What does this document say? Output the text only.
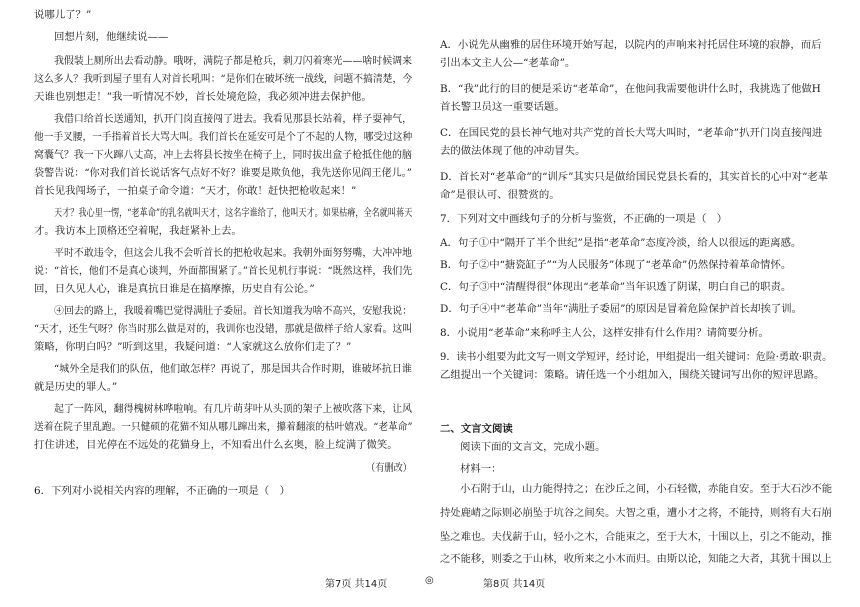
说哪儿了？”
回想片刻，他继续说——
我假装上厕所出去看动静。哦呀，满院子都是枪兵，刺刀闪着寒光——啥时候调来
这么多人？我听到屋子里有人对首长吼叫：“是你们在破坏统一战线，问题不搞清楚，今
天谁也别想走！”我一听情况不妙，首长处境危险，我必须冲进去保护他。
我借口给首长送通知，扒开门岗直接闯了进去。我看见那县长站着，样子耍神气，
他一手叉腰，一手指着首长大骂大叫。我们首长在延安可是个了不起的人物，哪受过这种
窝囊气？我一下火蹿八丈高，冲上去将县长按坐在椅子上，同时拔出盒子枪抵住他的脑
袋警告说：“你对我们首长说话客气点好不好？谁要是欺负他，我先送你见阎王佬儿。”
首长见我闯场子，一拍桌子命令道：“天才，你敢！赶快把枪收起来！”
天才？我心里一愣，“老革命”的乳名就叫天才，这名字谁给了，他叫天才。如果枯瘠，全名就叫蒋天
才。我访本上顶格还空着呢，我赶紧补上去。
平时不敢违令，但这会儿我不会听首长的把枪收起来。我朝外面努努嘴，大冲冲地
说：“首长，他们不是真心谈判，外面都围紧了。”首长见机行事说：“既然这样，我们先
回，日久见人心，谁是真抗日谁是在搞摩擦，历史自有公论。”
④回去的路上，我暖着嘴巴觉得满肚子委屈。首长知道我为啥不高兴，安慰我说：
“天才，还生气呀？你当时那么做是对的，我训你也没错，那就是做样子给人家看。这叫
策略，你明白吗？”听到这里，我疑问道：“人家就这么放你们走了？”
“城外全是我们的队伍，他们敢怎样？再说了，那是国共合作时期，谁破坏抗日谁
就是历史的罪人。”
起了一阵风，翻得槐树林哗啦响。有几片萌芽叶从头顶的架子上被吹落下来，让风
送着在院子里乱跑。一只健硕的花猫不知从哪儿蹿出来，攥着翻滚的枯叶嬉戏。“老革命”
打住讲述，目光停在不远处的花猫身上，不知看出什么玄奥，脸上绽满了微笑。
（有删改）
6．下列对小说相关内容的理解，不正确的一项是（　）
A．小说先从幽雅的居住环境开始写起，以院内的声响来衬托居住环境的寂静，而后
引出本文主人公—“老革命”。
B．“我”此行的目的便是采访“老革命”，在他问我需要他讲什么时，我挑选了他做H
首长警卫员这一重要话题。
C．在国民党的县长神气地对共产党的首长大骂大叫时，“老革命”扒开门岗直接闯进
去的做法体现了他的冲动冒失。
D．首长对“老革命”的“训斥”其实只是做给国民党县长看的，其实首长的心中对“老革
命”是很认可、很赞赏的。
7．下列对文中画线句子的分析与鉴赏，不正确的一项是（　）
A．句子①中“隔开了半个世纪”是指“老革命”态度冷淡，给人以很远的距离感。
B．句子②中“搪瓷缸子”“为人民服务”体现了“老革命”仍然保持着革命情怀。
C．句子③中“清醒得很”体现出“老革命”当年识透了阴谋，明白自己的职责。
D．句子④中“老革命”当年“满肚子委屈”的原因是冒着危险保护首长却挨了训。
8．小说用“老革命”来称呼主人公，这样安排有什么作用？请简要分析。
9．读书小组要为此文写一则文学短评，经讨论，甲组提出一组关键词：危险·勇敢·职责。
乙组提出一个关键词：策略。请任选一个小组加入，围绕关键词写出你的短评思路。
二、文言文阅读
阅读下面的文言文，完成小题。
材料一：
小石附于山，山力能得持之；在沙丘之间，小石轻微，赤能自安。至于大石沙不能
持处鹿崝之际则必崩坠于坑谷之间矣。大智之重，遭小才之将，不能持，则将有大石崩
坠之难也。夫伐薪于山，轻小之木，合能束之，至于大木，十围以上，引之不能动，推
之不能移，则委之于山林，收所来之小木而归。由斯以论，知能之大者，其犹十围以上
第7页 共14页	◎	第8页 共14页
